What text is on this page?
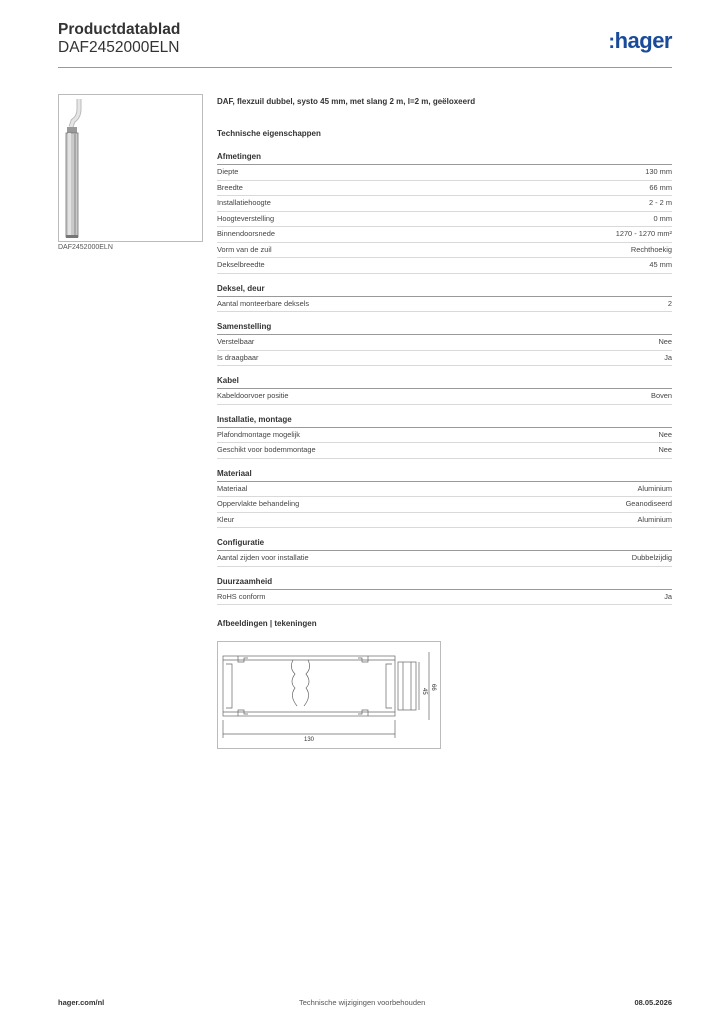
Productdatablad
DAF2452000ELN	:hager
DAF2452000ELN
DAF, flexzuil dubbel, systo 45 mm, met slang 2 m, l=2 m, geëloxeerd
Technische eigenschappen
Afmetingen
Diepte	130 mm
Breedte	66 mm
Installatiehoogte	2 - 2 m
Hoogteverstelling	0 mm
Binnendoorsnede	1270 - 1270 mm²
Vorm van de zuil	Rechthoekig
Dekselbreedte	45 mm
Deksel, deur
Aantal monteerbare deksels	2
Samenstelling
Verstelbaar	Nee
Is draagbaar	Ja
Kabel
Kabeldoorvoer positie	Boven
Installatie, montage
Plafondmontage mogelijk	Nee
Geschikt voor bodemmontage	Nee
Materiaal
Materiaal	Aluminium
Oppervlakte behandeling	Geanodiseerd
Kleur	Aluminium
Configuratie
Aantal zijden voor installatie	Dubbelzijdig
Duurzaamheid
RoHS conform	Ja
Afbeeldingen | tekeningen
130
45
66
hager.com/nl	Technische wijzigingen voorbehouden	08.05.2026
